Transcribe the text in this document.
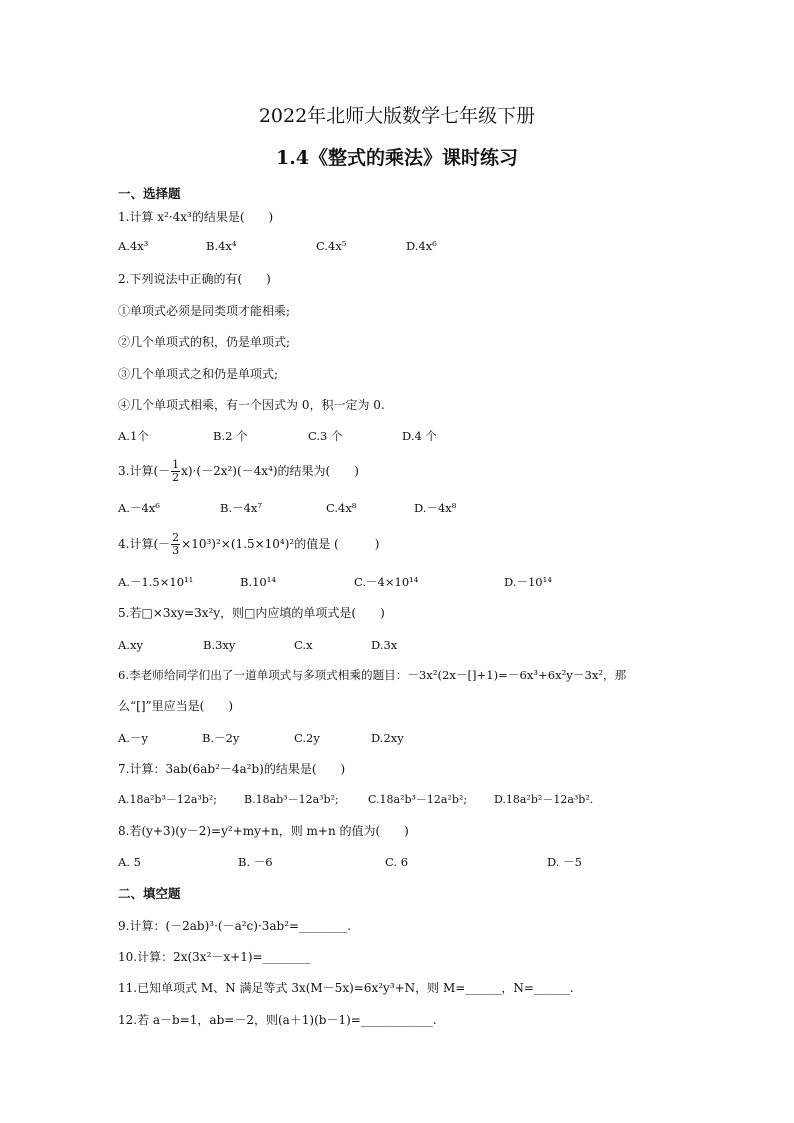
2022年北师大版数学七年级下册
1.4《整式的乘法》课时练习
一、选择题
1.计算 x²·4x³的结果是(　　)
A.4x³	B.4x⁴	C.4x⁵	D.4x⁶
2.下列说法中正确的有(　　)
①单项式必须是同类项才能相乘;
②几个单项式的积，仍是单项式;
③几个单项式之和仍是单项式;
④几个单项式相乘，有一个因式为 0，积一定为 0.
A.1个	B.2 个	C.3 个	D.4 个
3.计算(－ $\frac{1}{2} x)\cdot(-2x^2)(-4x^4)$的结果为(　　)
A.－4x⁶	B.－4x⁷	C.4x⁸	D.－4x⁸
4.计算(－ $\frac{2}{3} \times 10^3)^2\times(1.5\times 10^4)^2$的值是 (　　　)
A.－1.5×10¹¹	B.10¹⁴	C.－4×10¹⁴	D.－10¹⁴
5.若□×3xy=3x²y，则□内应填的单项式是(　　)
A.xy	B.3xy	C.x	D.3x
6.李老师给同学们出了一道单项式与多项式相乘的题目：－3x²(2x－[]+1)=－6x³+6x²y－3x²，那
么“[]”里应当是(　　)
A.－y	B.－2y	C.2y	D.2xy
7.计算：3ab(6ab²－4a²b)的结果是(　　)
A.18a²b³－12a³b²; B.18ab³－12a³b²;	C.18a²b³－12a²b²; D.18a²b²－12a³b².
8.若(y+3)(y－2)=y²+my+n，则 m+n 的值为(　　)
A. 5	B. －6	C. 6	D. －5
二、填空题
9.计算：(－2ab)³·(－a²c)·3ab²=________.
10.计算：2x(3x²－x+1)=________
11.已知单项式 M、N 满足等式 3x(M－5x)=6x²y³+N，则 M=______，N=______.
12.若 a－b=1，ab=－2，则(a＋1)(b－1)=____________.
